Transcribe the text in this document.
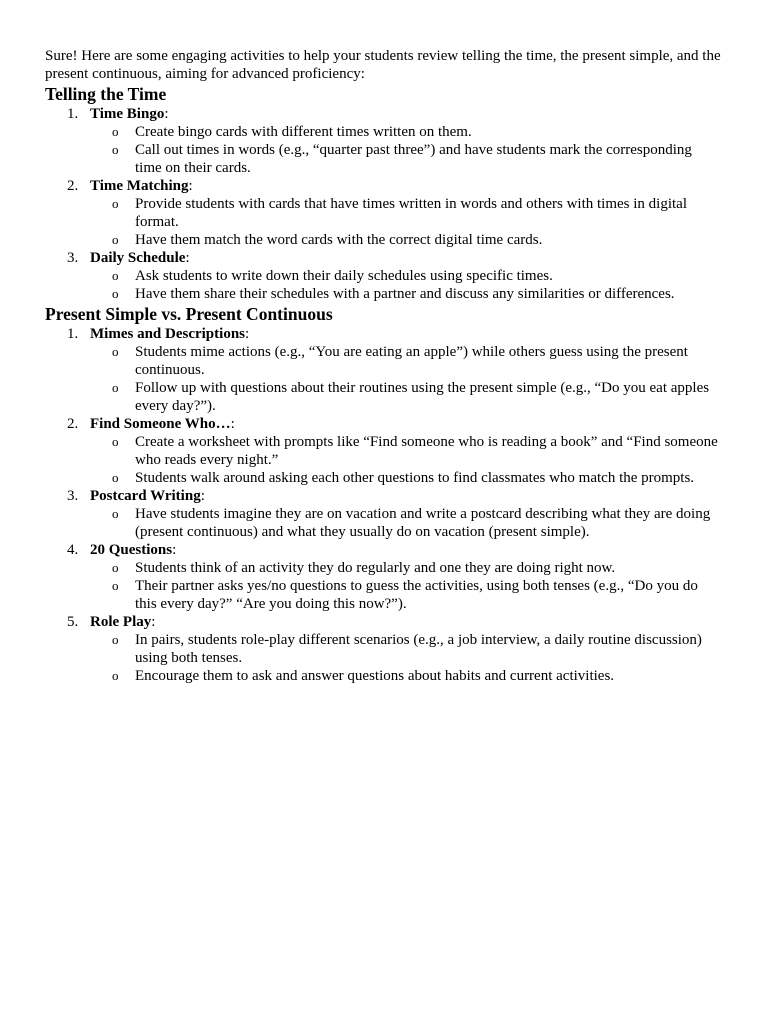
Sure! Here are some engaging activities to help your students review telling the time, the present simple, and the present continuous, aiming for advanced proficiency:

Telling the Time
1. Time Bingo:
o Create bingo cards with different times written on them.
o Call out times in words (e.g., “quarter past three”) and have students mark the corresponding time on their cards.
2. Time Matching:
o Provide students with cards that have times written in words and others with times in digital format.
o Have them match the word cards with the correct digital time cards.
3. Daily Schedule:
o Ask students to write down their daily schedules using specific times.
o Have them share their schedules with a partner and discuss any similarities or differences.
Present Simple vs. Present Continuous
1. Mimes and Descriptions:
o Students mime actions (e.g., “You are eating an apple”) while others guess using the present continuous.
o Follow up with questions about their routines using the present simple (e.g., “Do you eat apples every day?”).
2. Find Someone Who…:
o Create a worksheet with prompts like “Find someone who is reading a book” and “Find someone who reads every night.”
o Students walk around asking each other questions to find classmates who match the prompts.
3. Postcard Writing:
o Have students imagine they are on vacation and write a postcard describing what they are doing (present continuous) and what they usually do on vacation (present simple).
4. 20 Questions:
o Students think of an activity they do regularly and one they are doing right now.
o Their partner asks yes/no questions to guess the activities, using both tenses (e.g., “Do you do this every day?” “Are you doing this now?”).
5. Role Play:
o In pairs, students role-play different scenarios (e.g., a job interview, a daily routine discussion) using both tenses.
o Encourage them to ask and answer questions about habits and current activities.
